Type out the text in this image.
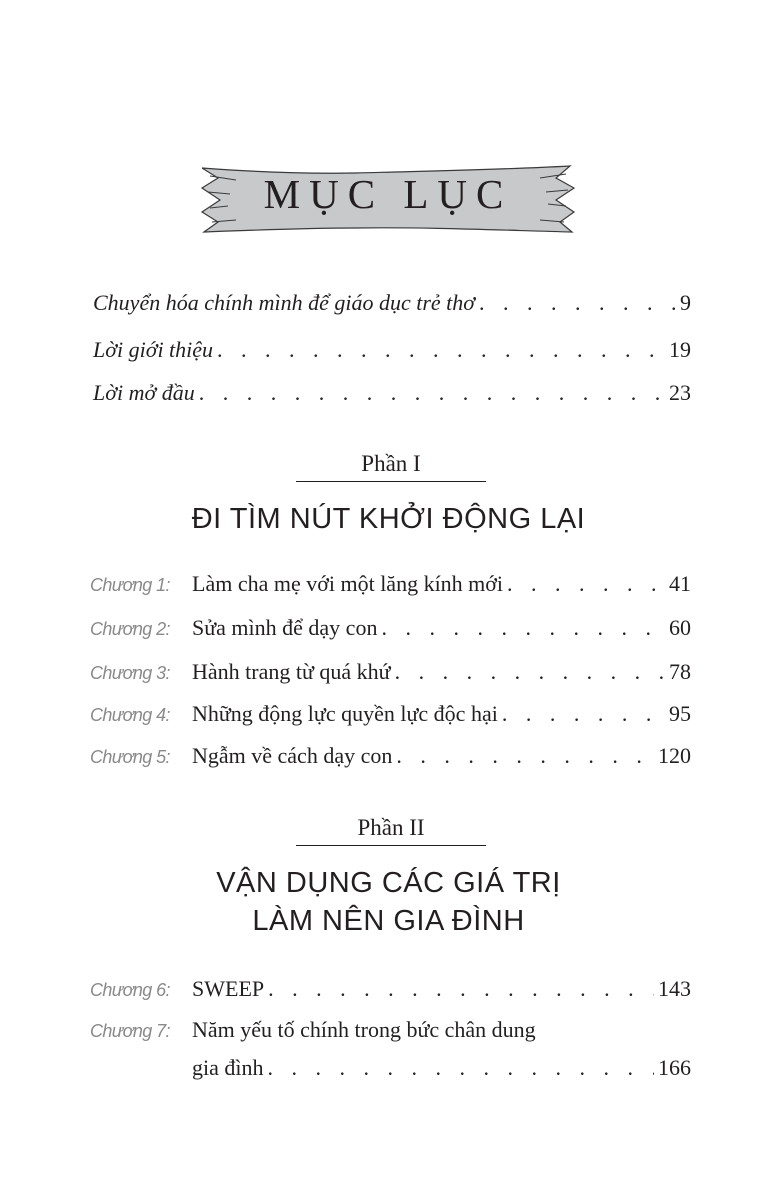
MỤC LỤC
Chuyển hóa chính mình để giáo dục trẻ thơ . . .	9
Lời giới thiệu . . .	19
Lời mở đầu . . .	23
Phần I
ĐI TÌM NÚT KHỞI ĐỘNG LẠI
Chương 1:	Làm cha mẹ với một lăng kính mới . . .	41
Chương 2:	Sửa mình để dạy con . . .	60
Chương 3:	Hành trang từ quá khứ . . .	78
Chương 4:	Những động lực quyền lực độc hại . . .	95
Chương 5:	Ngẫm về cách dạy con . . .	120
Phần II
VẬN DỤNG CÁC GIÁ TRỊ
LÀM NÊN GIA ĐÌNH
Chương 6:	SWEEP . . .	143
Chương 7:	Năm yếu tố chính trong bức chân dung
gia đình . . .	166
